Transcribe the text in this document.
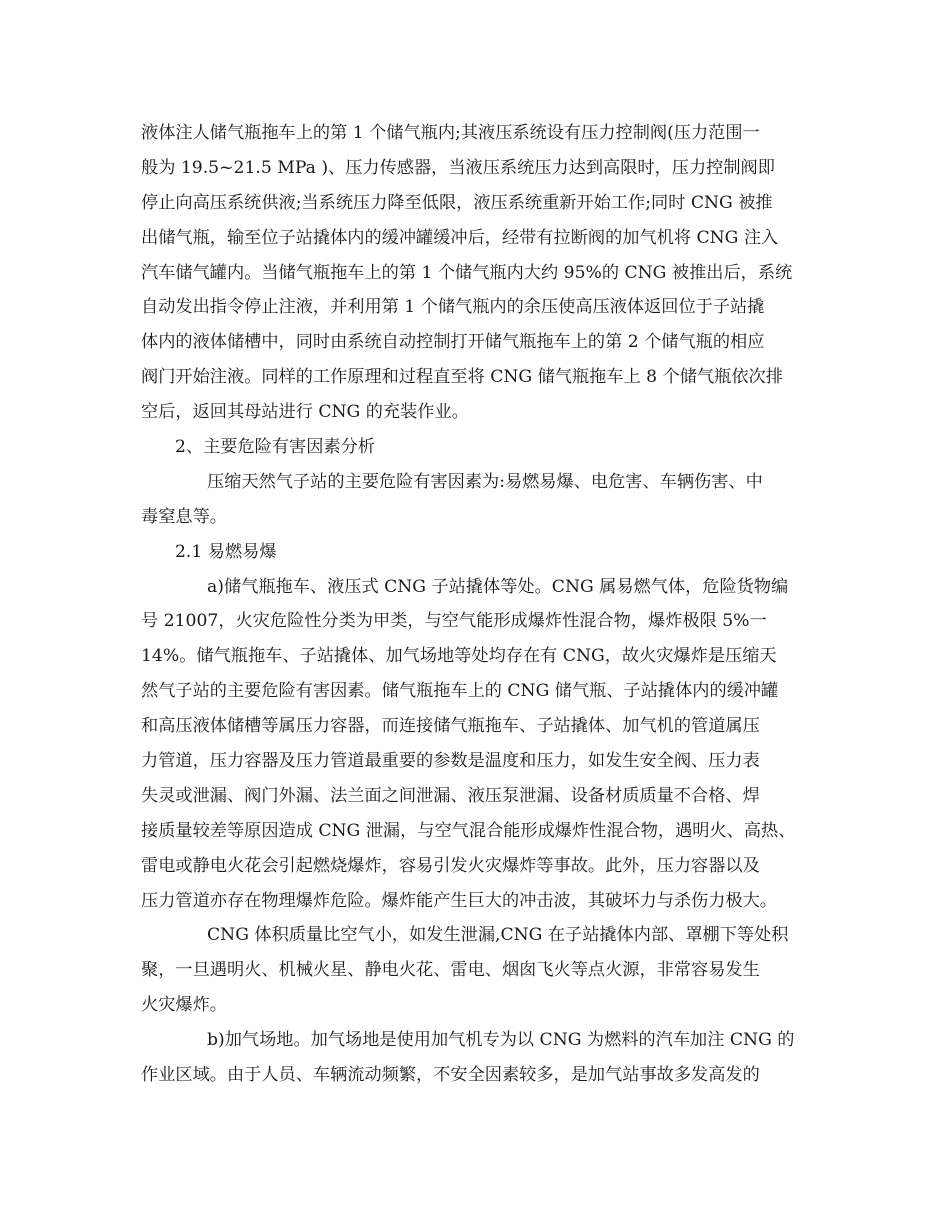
液体注人储气瓶拖车上的第 1 个储气瓶内;其液压系统设有压力控制阀(压力范围一
般为 19.5~21.5 MPa )、压力传感器，当液压系统压力达到高限时，压力控制阀即
停止向高压系统供液;当系统压力降至低限，液压系统重新开始工作;同时 CNG 被推
出储气瓶，输至位子站撬体内的缓冲罐缓冲后，经带有拉断阀的加气机将 CNG 注入
汽车储气罐内。当储气瓶拖车上的第 1 个储气瓶内大约 95%的 CNG 被推出后，系统
自动发出指令停止注液，并利用第 1 个储气瓶内的余压使高压液体返回位于子站撬
体内的液体储槽中，同时由系统自动控制打开储气瓶拖车上的第 2 个储气瓶的相应
阀门开始注液。同样的工作原理和过程直至将 CNG 储气瓶拖车上 8 个储气瓶依次排
空后，返回其母站进行 CNG 的充装作业。
2、主要危险有害因素分析
压缩天然气子站的主要危险有害因素为:易燃易爆、电危害、车辆伤害、中
毒窒息等。
2.1 易燃易爆
a)储气瓶拖车、液压式 CNG 子站撬体等处。CNG 属易燃气体，危险货物编
号 21007，火灾危险性分类为甲类，与空气能形成爆炸性混合物，爆炸极限 5%一
14%。储气瓶拖车、子站撬体、加气场地等处均存在有 CNG，故火灾爆炸是压缩天
然气子站的主要危险有害因素。储气瓶拖车上的 CNG 储气瓶、子站撬体内的缓冲罐
和高压液体储槽等属压力容器，而连接储气瓶拖车、子站撬体、加气机的管道属压
力管道，压力容器及压力管道最重要的参数是温度和压力，如发生安全阀、压力表
失灵或泄漏、阀门外漏、法兰面之间泄漏、液压泵泄漏、设备材质质量不合格、焊
接质量较差等原因造成 CNG 泄漏，与空气混合能形成爆炸性混合物，遇明火、高热、
雷电或静电火花会引起燃烧爆炸，容易引发火灾爆炸等事故。此外，压力容器以及
压力管道亦存在物理爆炸危险。爆炸能产生巨大的冲击波，其破坏力与杀伤力极大。
CNG 体积质量比空气小，如发生泄漏,CNG 在子站撬体内部、罩棚下等处积
聚，一旦遇明火、机械火星、静电火花、雷电、烟囱飞火等点火源，非常容易发生
火灾爆炸。
b)加气场地。加气场地是使用加气机专为以 CNG 为燃料的汽车加注 CNG 的
作业区域。由于人员、车辆流动频繁，不安全因素较多，是加气站事故多发高发的
